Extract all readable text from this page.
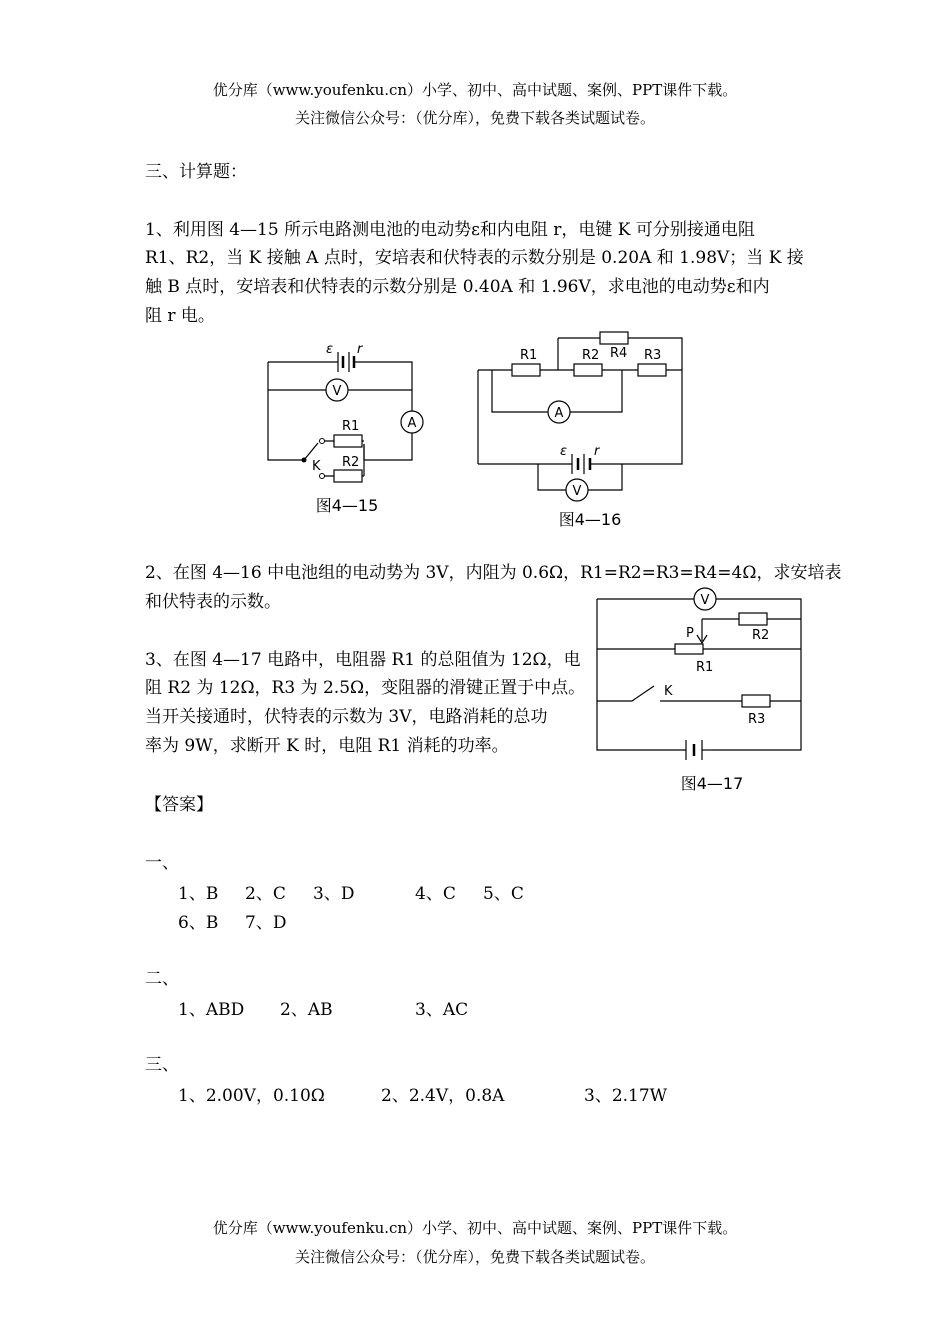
优分库（www.youfenku.cn）小学、初中、高中试题、案例、PPT课件下载。
关注微信公众号：（优分库），免费下载各类试题试卷。
三、计算题：
1、利用图 4—15 所示电路测电池的电动势ε和内电阻 r，电键 K 可分别接通电阻
R1、R2，当 K 接触 A 点时，安培表和伏特表的示数分别是 0.20A 和 1.98V；当 K 接
触 B 点时，安培表和伏特表的示数分别是 0.40A 和 1.96V，求电池的电动势ε和内
阻 r 电。
ε r
V
A
R1
R2
K
图4—15
R1	R2 R4 R3
A
ε r
V
图4—16
2、在图 4—16 中电池组的电动势为 3V，内阻为 0.6Ω，R1=R2=R3=R4=4Ω，求安培表
和伏特表的示数。
3、在图 4—17 电路中，电阻器 R1 的总阻值为 12Ω，电
阻 R2 为 12Ω，R3 为 2.5Ω，变阻器的滑键正置于中点。
当开关接通时，伏特表的示数为 3V，电路消耗的总功
率为 9W，求断开 K 时，电阻 R1 消耗的功率。
V
P	R2
R1
K
R3
图4—17
【答案】
一、
1、B 2、C 3、D	4、C 5、C
6、B 7、D
二、
1、ABD 2、AB	3、AC
三、
1、2.00V，0.10Ω	2、2.4V，0.8A	3、2.17W
优分库（www.youfenku.cn）小学、初中、高中试题、案例、PPT课件下载。
关注微信公众号：（优分库），免费下载各类试题试卷。
